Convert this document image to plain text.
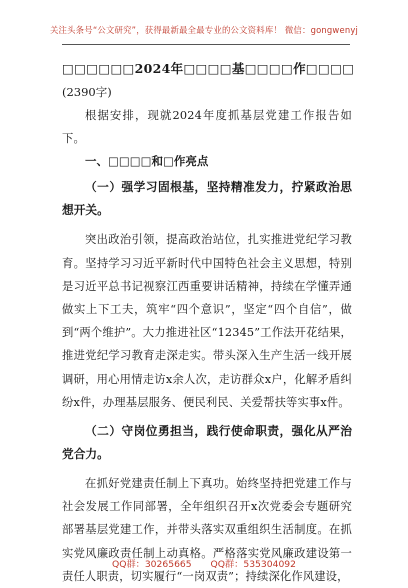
关注头条号“公文研究”，获得最新最全最专业的公文资料库！ 微信：gongwenyj
□□□□□□2024年□□□□基□□□□作□□□□
(2390字)

根据安排，现就2024年度抓基层党建工作报告如下。

一、□□□□和□作亮点

（一）强学习固根基，坚持精准发力，拧紧政治思想开关。

突出政治引领，提高政治站位，扎实推进党纪学习教育。坚持学习习近平新时代中国特色社会主义思想，特别是习近平总书记视察江西重要讲话精神，持续在学懂弄通做实上下工夫，筑牢“四个意识”，坚定“四个自信”，做到“两个维护”。大力推进社区“12345”工作法开花结果，推进党纪学习教育走深走实。带头深入生产生活一线开展调研，用心用情走访x余人次，走访群众x户，化解矛盾纠纷x件，办理基层服务、便民利民、关爱帮扶等实事x件。

（二）守岗位勇担当，践行使命职责，强化从严治党合力。

在抓好党建责任制上下真功。始终坚持把党建工作与社会发展工作同部署，全年组织召开x次党委会专题研究部署基层党建工作，并带头落实双重组织生活制度。在抓实党风廉政责任制上动真格。严格落实党风廉政建设第一责任人职责，切实履行“一岗双责”；持续深化作风建设，

QQ群：30265665 QQ群：535304092
